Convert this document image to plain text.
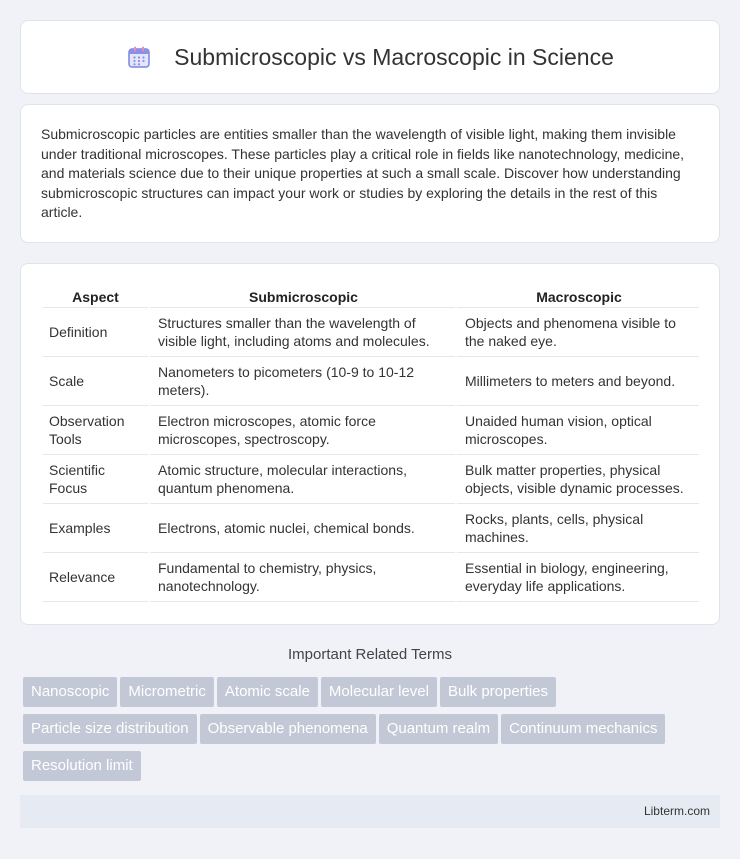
Submicroscopic vs Macroscopic in Science

Submicroscopic particles are entities smaller than the wavelength of visible light, making them invisible under traditional microscopes. These particles play a critical role in fields like nanotechnology, medicine, and materials science due to their unique properties at such a small scale. Discover how understanding submicroscopic structures can impact your work or studies by exploring the details in the rest of this article.

Aspect	Submicroscopic	Macroscopic
Definition	Structures smaller than the wavelength of visible light, including atoms and molecules.	Objects and phenomena visible to the naked eye.
Scale	Nanometers to picometers (10-9 to 10-12 meters).	Millimeters to meters and beyond.
Observation Tools	Electron microscopes, atomic force microscopes, spectroscopy.	Unaided human vision, optical microscopes.
Scientific Focus	Atomic structure, molecular interactions, quantum phenomena.	Bulk matter properties, physical objects, visible dynamic processes.
Examples	Electrons, atomic nuclei, chemical bonds.	Rocks, plants, cells, physical machines.
Relevance	Fundamental to chemistry, physics, nanotechnology.	Essential in biology, engineering, everyday life applications.
Important Related Terms
Nanoscopic Micrometric Atomic scale Molecular level Bulk properties
Particle size distribution Observable phenomena Quantum realm Continuum mechanics
Resolution limit
Libterm.com
